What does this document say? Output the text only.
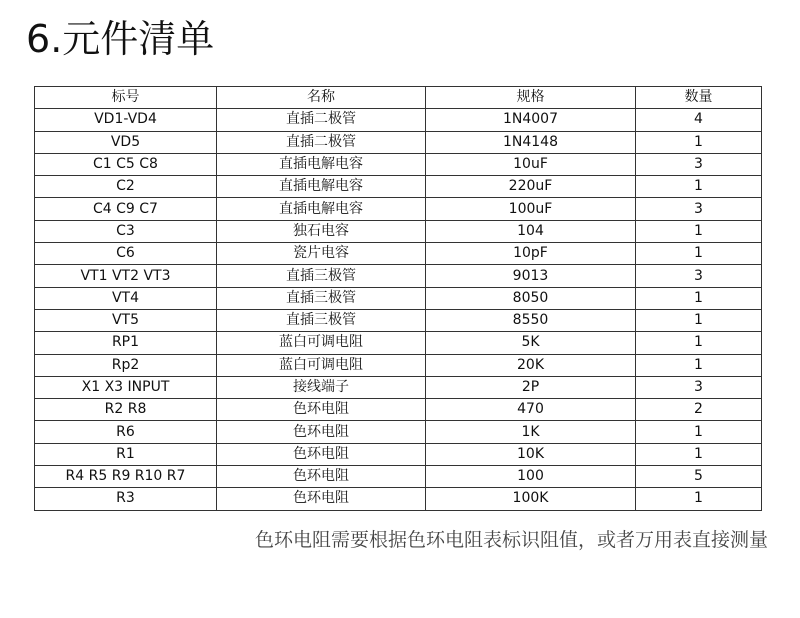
6.元件清单
标号	名称	规格	数量
VD1-VD4	直插二极管	1N4007	4
VD5	直插二极管	1N4148	1
C1 C5 C8	直插电解电容	10uF	3
C2	直插电解电容	220uF	1
C4 C9 C7	直插电解电容	100uF	3
C3	独石电容	104	1
C6	瓷片电容	10pF	1
VT1 VT2 VT3	直插三极管	9013	3
VT4	直插三极管	8050	1
VT5	直插三极管	8550	1
RP1	蓝白可调电阻	5K	1
Rp2	蓝白可调电阻	20K	1
X1 X3 INPUT	接线端子	2P	3
R2 R8	色环电阻	470	2
R6	色环电阻	1K	1
R1	色环电阻	10K	1
R4 R5 R9 R10 R7	色环电阻	100	5
R3	色环电阻	100K	1
色环电阻需要根据色环电阻表标识阻值，或者万用表直接测量
